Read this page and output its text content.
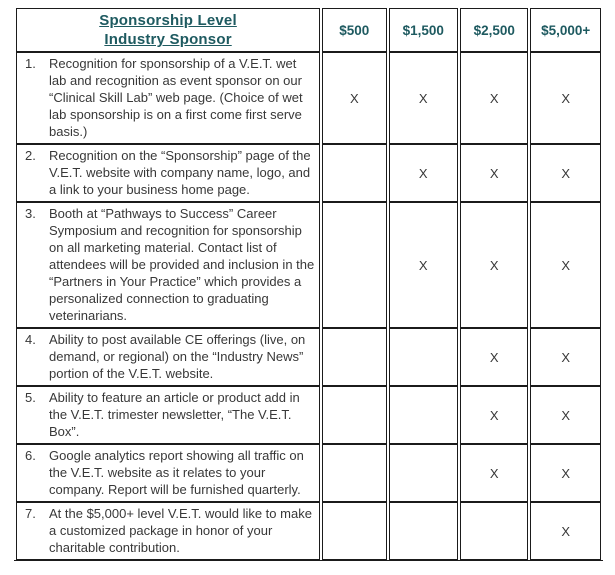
Sponsorship Level
Industry Sponsor	$500	$1,500	$2,500	$5,000+

1. Recognition for sponsorship of a V.E.T. wet lab and recognition as event sponsor on our “Clinical Skill Lab” web page. (Choice of wet lab sponsorship is on a first come first serve basis.)	X	X	X	X

2. Recognition on the “Sponsorship” page of the V.E.T. website with company name, logo, and a link to your business home page.		X	X	X

3. Booth at “Pathways to Success” Career Symposium and recognition for sponsorship on all marketing material. Contact list of attendees will be provided and inclusion in the “Partners in Your Practice” which provides a personalized connection to graduating veterinarians.		X	X	X

4. Ability to post available CE offerings (live, on demand, or regional) on the “Industry News” portion of the V.E.T. website.			X	X

5. Ability to feature an article or product add in the V.E.T. trimester newsletter, “The V.E.T. Box”.			X	X

6. Google analytics report showing all traffic on the V.E.T. website as it relates to your company. Report will be furnished quarterly.			X	X

7. At the $5,000+ level V.E.T. would like to make a customized package in honor of your charitable contribution.				X
